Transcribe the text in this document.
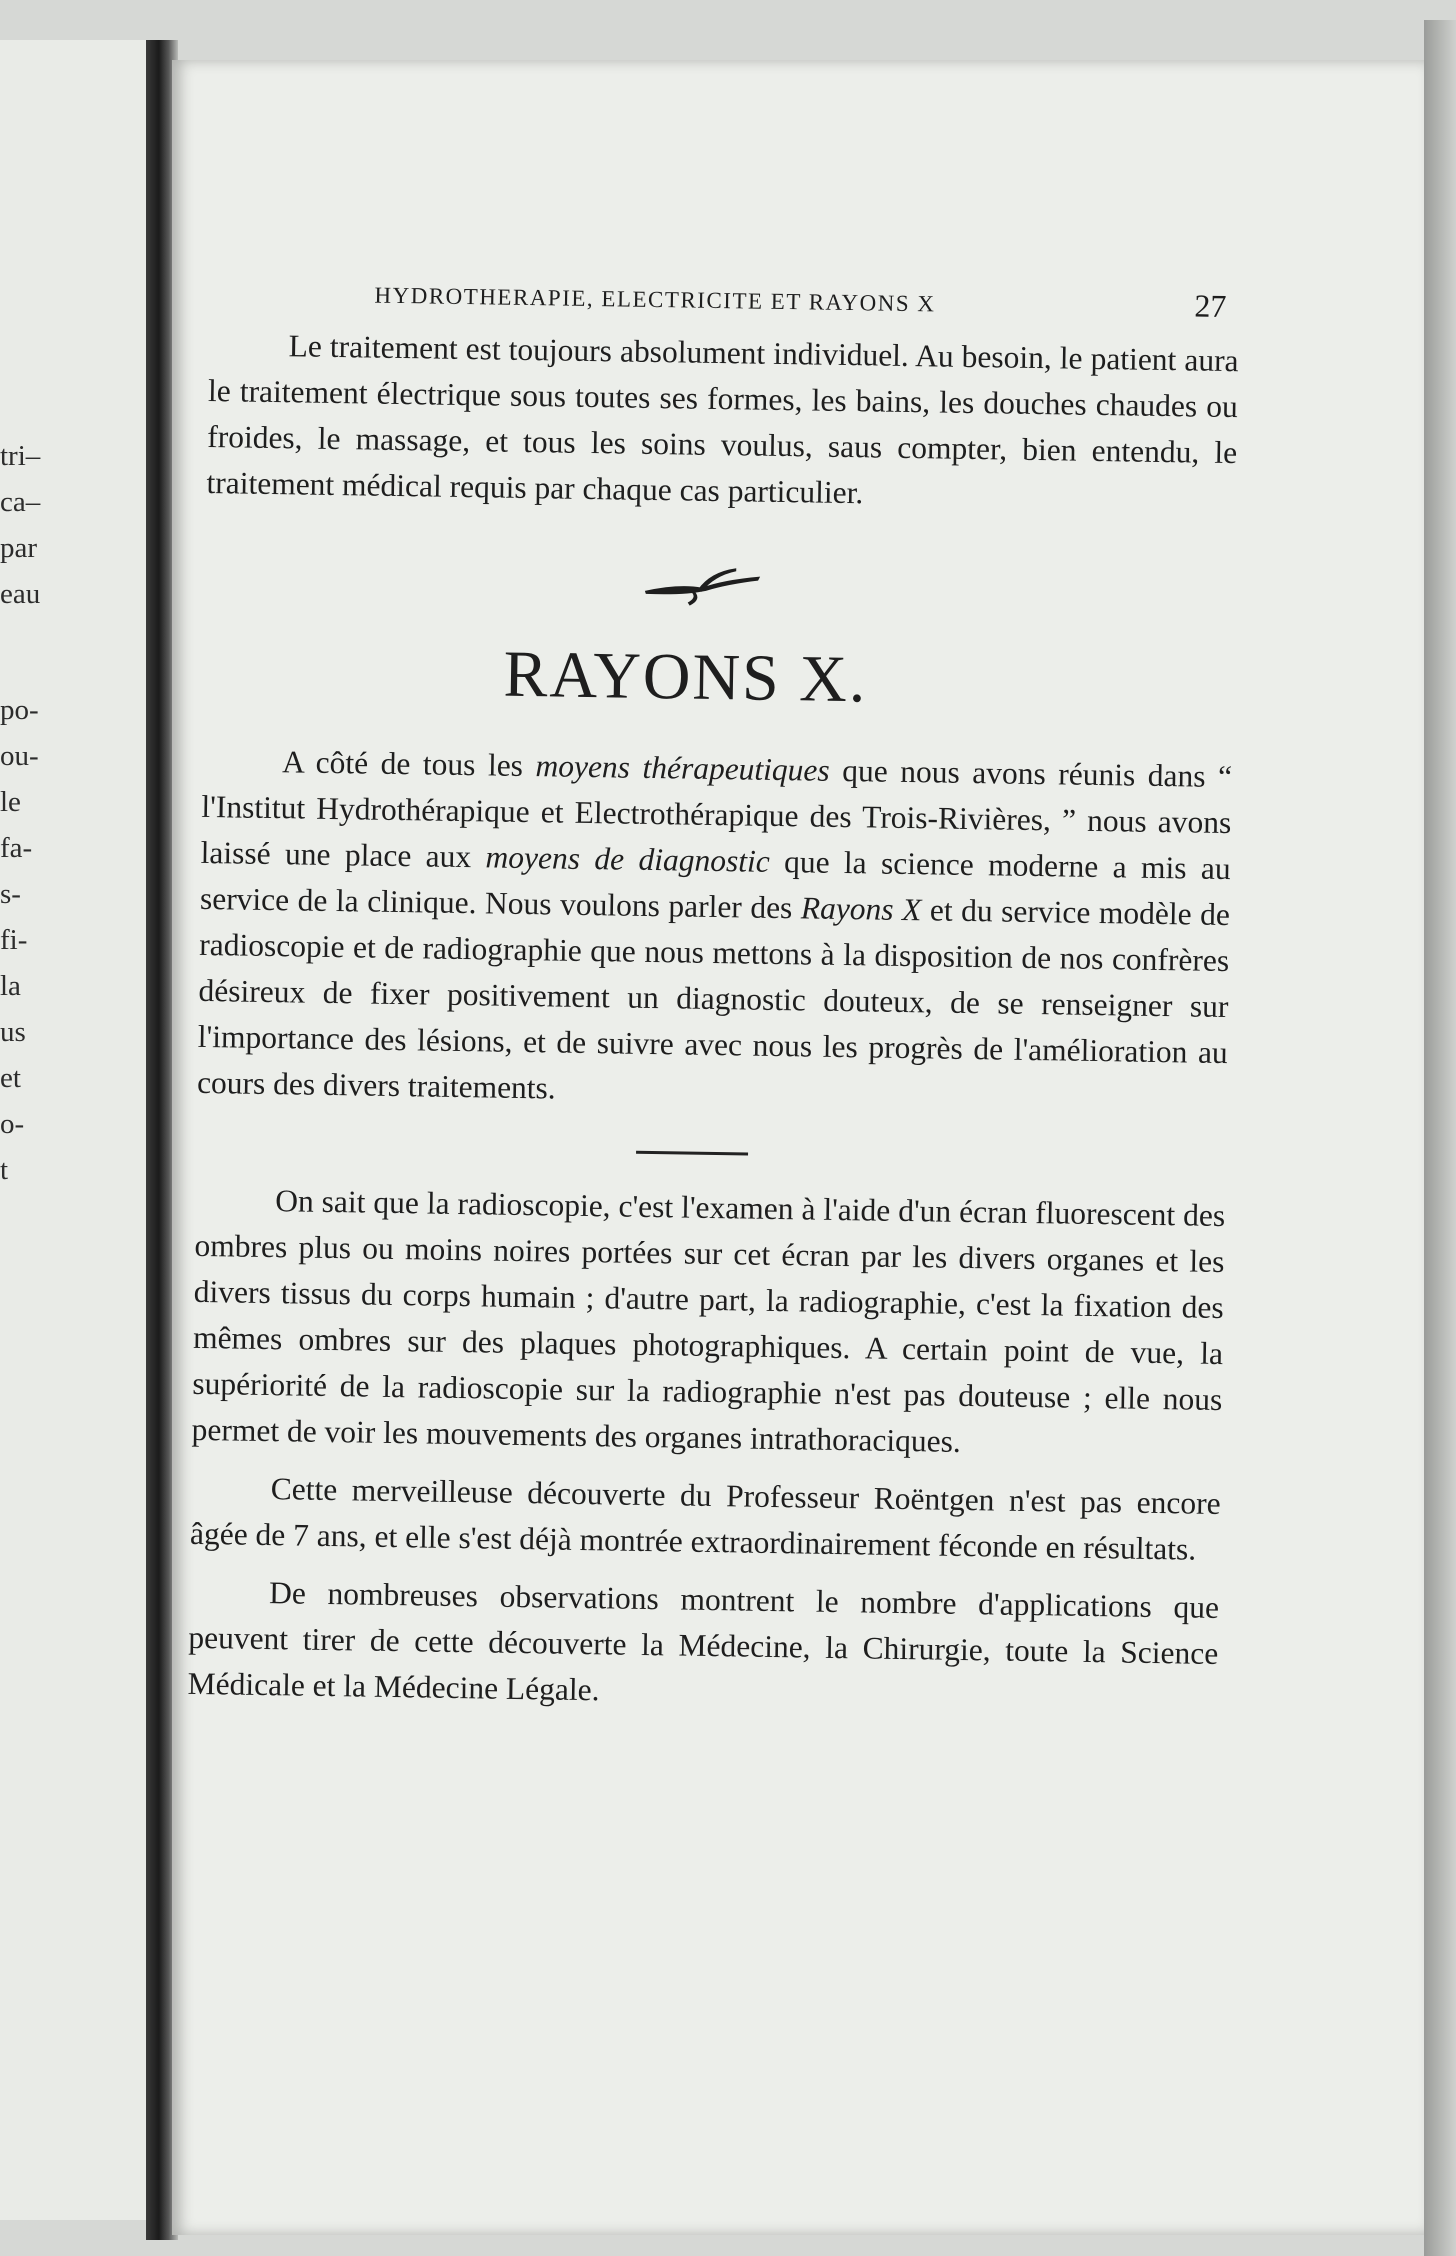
tri–
ca–
par
eau
po-
ou-
le
fa-
s-
fi-
la
us
et
o-
t
HYDROTHERAPIE, ELECTRICITE ET RAYONS X	27

Le traitement est toujours absolument individuel. Au besoin, le patient aura le traitement électrique sous toutes ses formes, les bains, les douches chaudes ou froides, le massage, et tous les soins voulus, saus compter, bien entendu, le traitement médical requis par chaque cas particulier.

RAYONS X.

A côté de tous les moyens thérapeutiques que nous avons réunis dans “ l'Institut Hydrothérapique et Electrothérapique des Trois-Rivières, ” nous avons laissé une place aux moyens de diagnostic que la science moderne a mis au service de la clinique. Nous voulons parler des Rayons X et du service modèle de radioscopie et de radiographie que nous mettons à la disposition de nos confrères désireux de fixer positivement un diagnostic douteux, de se renseigner sur l'importance des lésions, et de suivre avec nous les progrès de l'amélioration au cours des divers traitements.

On sait que la radioscopie, c'est l'examen à l'aide d'un écran fluorescent des ombres plus ou moins noires portées sur cet écran par les divers organes et les divers tissus du corps humain ; d'autre part, la radiographie, c'est la fixation des mêmes ombres sur des plaques photographiques. A certain point de vue, la supériorité de la radioscopie sur la radiographie n'est pas douteuse ; elle nous permet de voir les mouvements des organes intrathoraciques.

Cette merveilleuse découverte du Professeur Roëntgen n'est pas encore âgée de 7 ans, et elle s'est déjà montrée extraordinairement féconde en résultats.

De nombreuses observations montrent le nombre d'applications que peuvent tirer de cette découverte la Médecine, la Chirurgie, toute la Science Médicale et la Médecine Légale.
